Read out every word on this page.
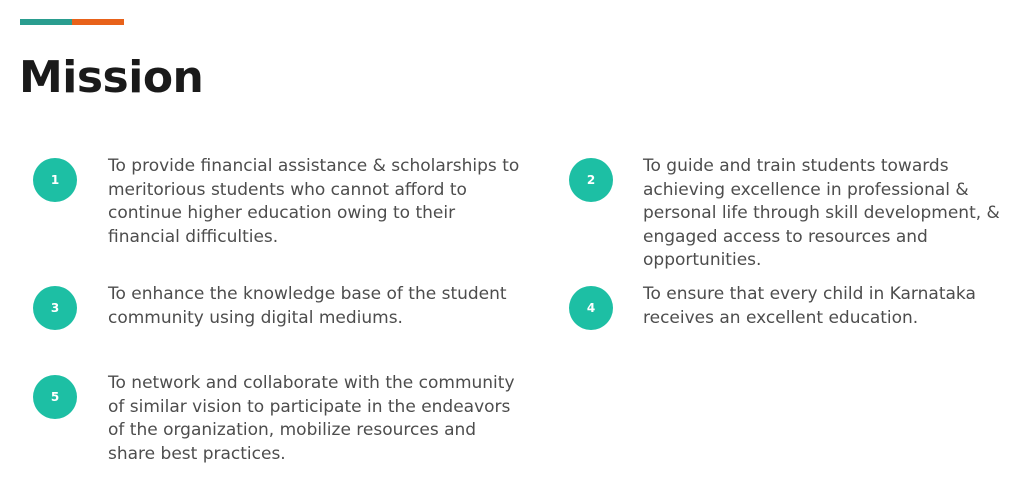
Mission
1

To provide financial assistance & scholarships to meritorious students who cannot afford to continue higher education owing to their financial difficulties.

2

To guide and train students towards achieving excellence in professional & personal life through skill development, & engaged access to resources and opportunities.

3

To enhance the knowledge base of the student community using digital mediums.	4

To ensure that every child in Karnataka receives an excellent education.

5

To network and collaborate with the community of similar vision to participate in the endeavors of the organization, mobilize resources and share best practices.
